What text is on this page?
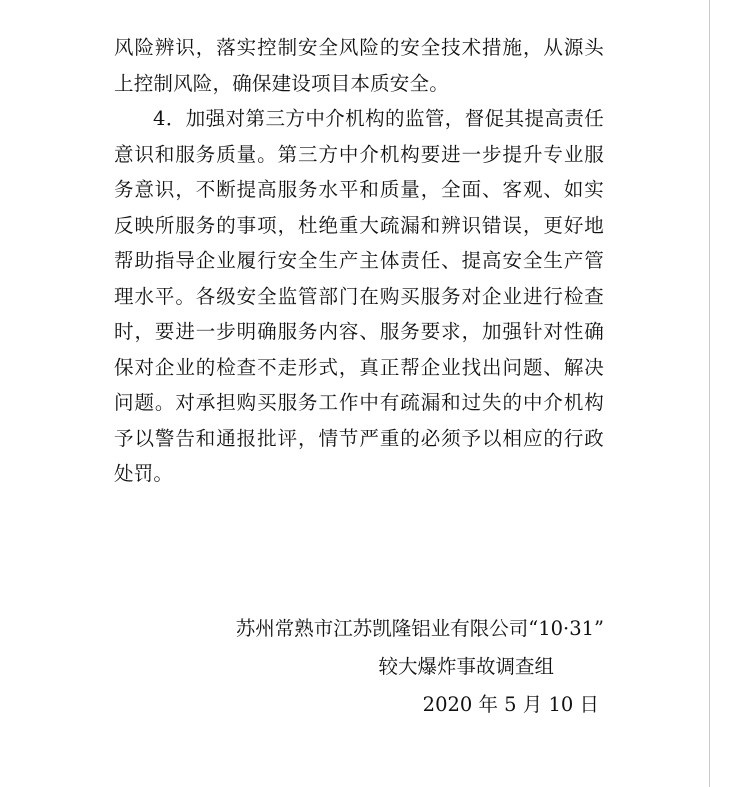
风险辨识，落实控制安全风险的安全技术措施，从源头上控制风险，确保建设项目本质安全。

4．加强对第三方中介机构的监管，督促其提高责任意识和服务质量。第三方中介机构要进一步提升专业服务意识，不断提高服务水平和质量，全面、客观、如实反映所服务的事项，杜绝重大疏漏和辨识错误，更好地帮助指导企业履行安全生产主体责任、提高安全生产管理水平。各级安全监管部门在购买服务对企业进行检查时，要进一步明确服务内容、服务要求，加强针对性确保对企业的检查不走形式，真正帮企业找出问题、解决问题。对承担购买服务工作中有疏漏和过失的中介机构予以警告和通报批评，情节严重的必须予以相应的行政处罚。

苏州常熟市江苏凯隆铝业有限公司“10·31”
较大爆炸事故调查组
2020 年 5 月 10 日
